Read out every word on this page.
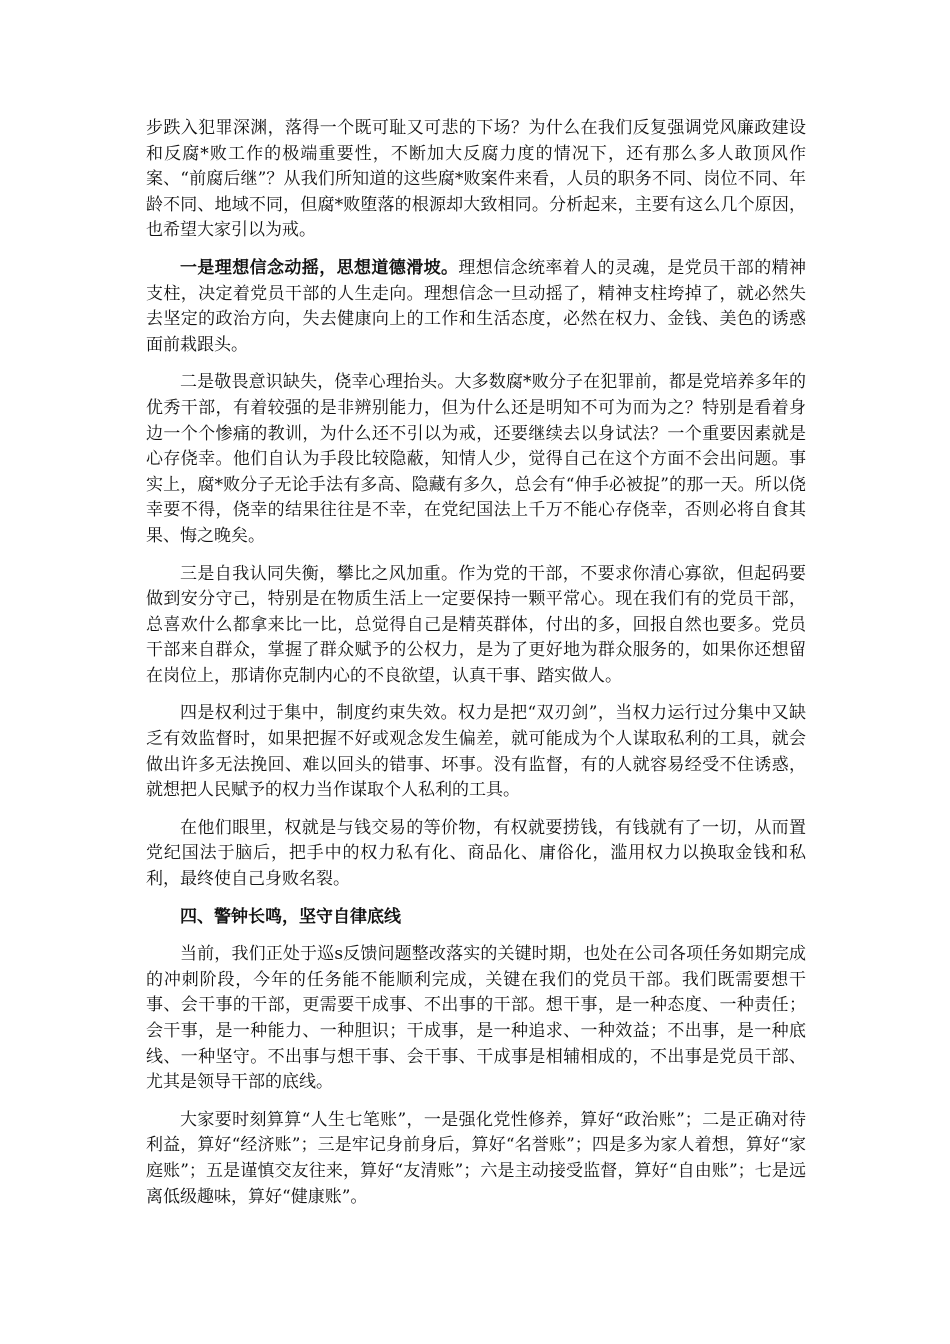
步跌入犯罪深渊，落得一个既可耻又可悲的下场？为什么在我们反复强调党风廉政建设和反腐*败工作的极端重要性，不断加大反腐力度的情况下，还有那么多人敢顶风作案、“前腐后继”？从我们所知道的这些腐*败案件来看，人员的职务不同、岗位不同、年龄不同、地域不同，但腐*败堕落的根源却大致相同。分析起来，主要有这么几个原因，也希望大家引以为戒。

一是理想信念动摇，思想道德滑坡。理想信念统率着人的灵魂，是党员干部的精神支柱，决定着党员干部的人生走向。理想信念一旦动摇了，精神支柱垮掉了，就必然失去坚定的政治方向，失去健康向上的工作和生活态度，必然在权力、金钱、美色的诱惑面前栽跟头。

二是敬畏意识缺失，侥幸心理抬头。大多数腐*败分子在犯罪前，都是党培养多年的优秀干部，有着较强的是非辨别能力，但为什么还是明知不可为而为之？特别是看着身边一个个惨痛的教训，为什么还不引以为戒，还要继续去以身试法？一个重要因素就是心存侥幸。他们自认为手段比较隐蔽，知情人少，觉得自己在这个方面不会出问题。事实上，腐*败分子无论手法有多高、隐藏有多久，总会有“伸手必被捉”的那一天。所以侥幸要不得，侥幸的结果往往是不幸，在党纪国法上千万不能心存侥幸，否则必将自食其果、悔之晚矣。

三是自我认同失衡，攀比之风加重。作为党的干部，不要求你清心寡欲，但起码要做到安分守己，特别是在物质生活上一定要保持一颗平常心。现在我们有的党员干部，总喜欢什么都拿来比一比，总觉得自己是精英群体，付出的多，回报自然也要多。党员干部来自群众，掌握了群众赋予的公权力，是为了更好地为群众服务的，如果你还想留在岗位上，那请你克制内心的不良欲望，认真干事、踏实做人。

四是权利过于集中，制度约束失效。权力是把“双刃剑”，当权力运行过分集中又缺乏有效监督时，如果把握不好或观念发生偏差，就可能成为个人谋取私利的工具，就会做出许多无法挽回、难以回头的错事、坏事。没有监督，有的人就容易经受不住诱惑，就想把人民赋予的权力当作谋取个人私利的工具。

在他们眼里，权就是与钱交易的等价物，有权就要捞钱，有钱就有了一切，从而置党纪国法于脑后，把手中的权力私有化、商品化、庸俗化，滥用权力以换取金钱和私利，最终使自己身败名裂。

四、警钟长鸣，坚守自律底线

当前，我们正处于巡s反馈问题整改落实的关键时期，也处在公司各项任务如期完成的冲刺阶段，今年的任务能不能顺利完成，关键在我们的党员干部。我们既需要想干事、会干事的干部，更需要干成事、不出事的干部。想干事，是一种态度、一种责任；会干事，是一种能力、一种胆识；干成事，是一种追求、一种效益；不出事，是一种底线、一种坚守。不出事与想干事、会干事、干成事是相辅相成的，不出事是党员干部、尤其是领导干部的底线。

大家要时刻算算“人生七笔账”，一是强化党性修养，算好“政治账”；二是正确对待利益，算好“经济账”；三是牢记身前身后，算好“名誉账”；四是多为家人着想，算好“家庭账”；五是谨慎交友往来，算好“友清账”；六是主动接受监督，算好“自由账”；七是远离低级趣味，算好“健康账”。
